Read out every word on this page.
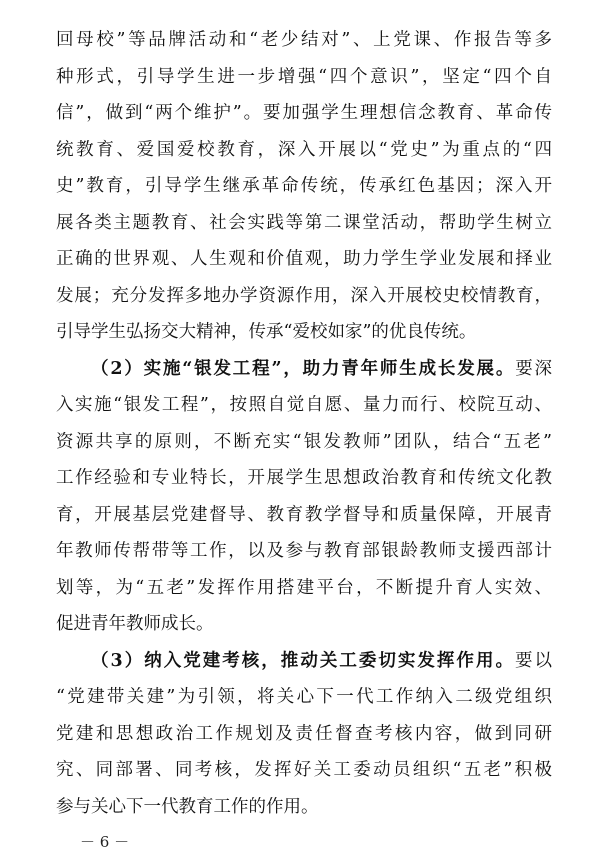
回母校”等品牌活动和“老少结对”、上党课、作报告等多
种形式，引导学生进一步增强“四个意识”，坚定“四个自
信”，做到“两个维护”。要加强学生理想信念教育、革命传
统教育、爱国爱校教育，深入开展以“党史”为重点的“四
史”教育，引导学生继承革命传统，传承红色基因；深入开
展各类主题教育、社会实践等第二课堂活动，帮助学生树立
正确的世界观、人生观和价值观，助力学生学业发展和择业
发展；充分发挥多地办学资源作用，深入开展校史校情教育，
引导学生弘扬交大精神，传承“爱校如家”的优良传统。
（2）实施“银发工程”，助力青年师生成长发展。要深
入实施“银发工程”，按照自觉自愿、量力而行、校院互动、
资源共享的原则，不断充实“银发教师”团队，结合“五老”
工作经验和专业特长，开展学生思想政治教育和传统文化教
育，开展基层党建督导、教育教学督导和质量保障，开展青
年教师传帮带等工作，以及参与教育部银龄教师支援西部计
划等，为“五老”发挥作用搭建平台，不断提升育人实效、
促进青年教师成长。
（3）纳入党建考核，推动关工委切实发挥作用。要以
“党建带关建”为引领，将关心下一代工作纳入二级党组织
党建和思想政治工作规划及责任督查考核内容，做到同研
究、同部署、同考核，发挥好关工委动员组织“五老”积极
参与关心下一代教育工作的作用。
－ 6 －
